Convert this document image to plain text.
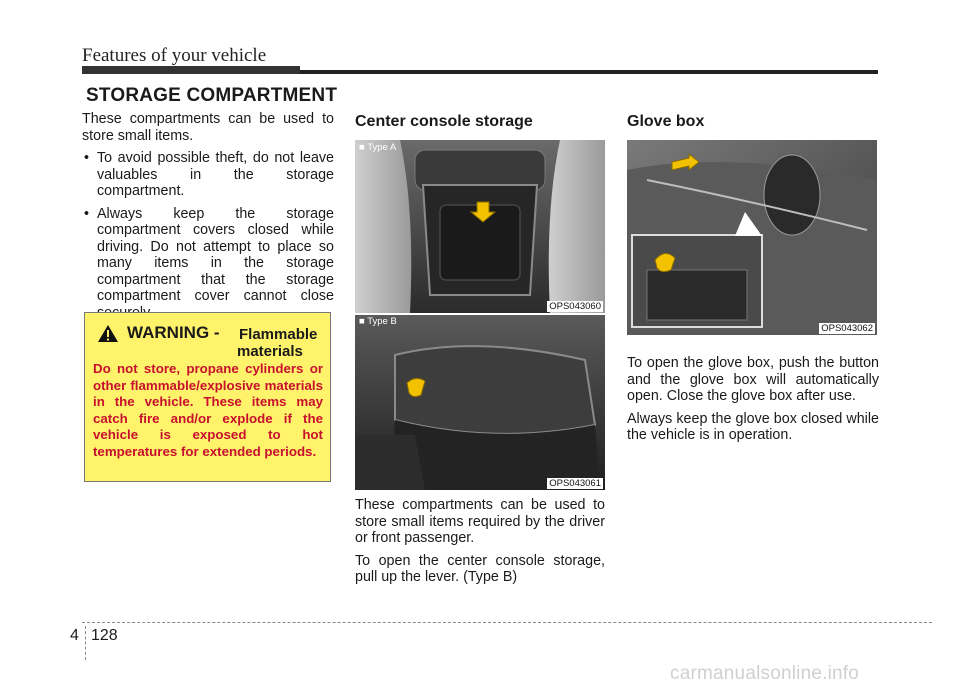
Features of your vehicle
STORAGE COMPARTMENT

These compartments can be used to store small items.

• To avoid possible theft, do not leave valuables in the storage compartment.
• Always keep the storage compartment covers closed while driving. Do not attempt to place so many items in the storage compartment that the storage compartment cover cannot close
WARNING - Flammable
materials
Do not store, propane cylinders or other flammable/explosive materials in the vehicle. These items may catch fire and/or explode if the vehicle is exposed to hot temperatures for extended periods.
Center console storage
■ Type A
OPS043060
■ Type B
OPS043061

These compartments can be used to store small items required by the driver or front passenger.

To open the center console storage, pull up the lever. (Type B)

Glove box
OPS043062

To open the glove box, push the button and the glove box will automatically open. Close the glove box after use.

Always keep the glove box closed while the vehicle is in operation.

4 128
carmanualsonline.info
